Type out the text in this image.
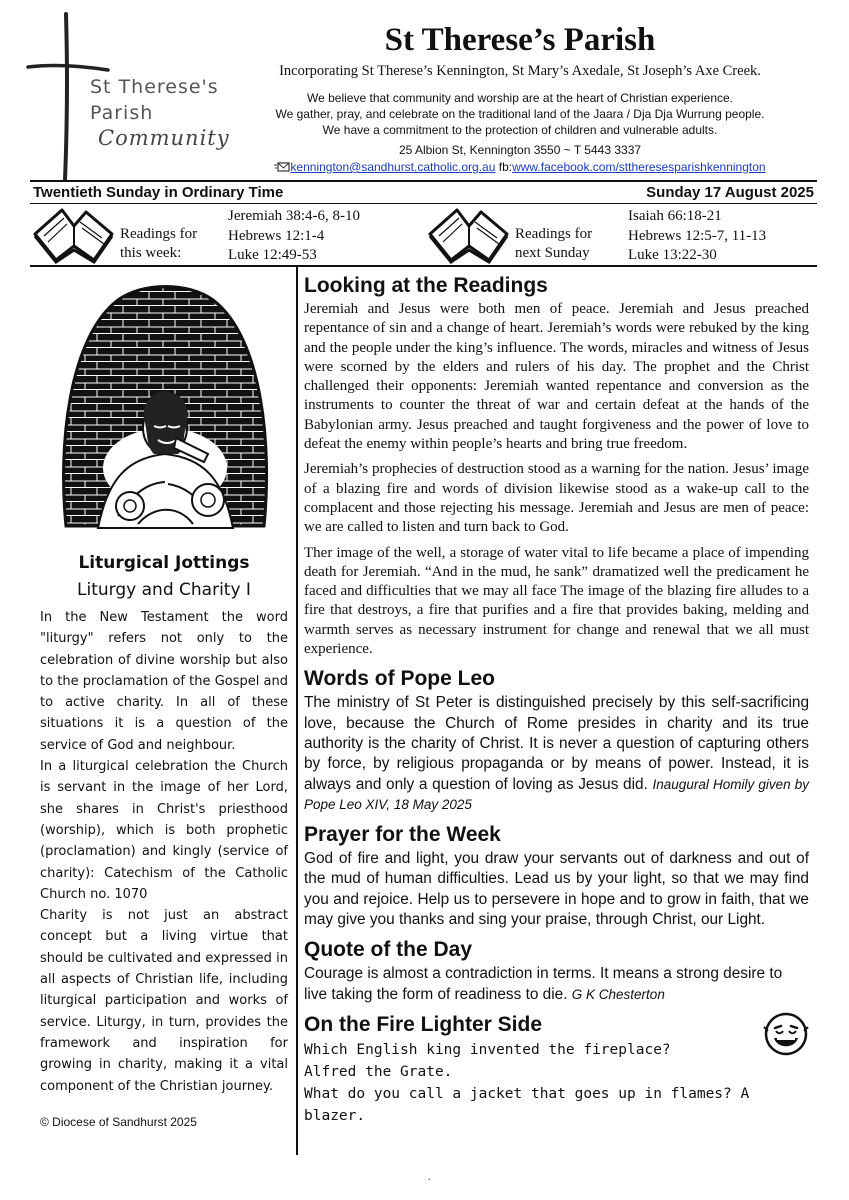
St Therese's
Parish
Community
St Therese’s Parish
Incorporating St Therese’s Kennington, St Mary’s Axedale, St Joseph’s Axe Creek.
We believe that community and worship are at the heart of Christian experience.
We gather, pray, and celebrate on the traditional land of the Jaara / Dja Dja Wurrung people.
We have a commitment to the protection of children and vulnerable adults.
25 Albion St, Kennington 3550 ~ T 5443 3337
kennington@sandhurst.catholic.org.au fb:www.facebook.com/sttheresesparishkennington
Twentieth Sunday in Ordinary Time	Sunday 17 August 2025
Readings for
this week:
Jeremiah 38:4-6, 8-10
Hebrews 12:1-4
Luke 12:49-53
Readings for
next Sunday
Isaiah 66:18-21
Hebrews 12:5-7, 11-13
Luke 13:22-30
Liturgical Jottings
Liturgy and Charity I

In the New Testament the word "liturgy" refers not only to the celebration of divine worship but also to the proclamation of the Gospel and to active charity. In all of these situations it is a question of the service of God and neighbour.

In a liturgical celebration the Church is servant in the image of her Lord, she shares in Christ's priesthood (worship), which is both prophetic (proclamation) and kingly (service of charity): Catechism of the Catholic Church no. 1070

Charity is not just an abstract concept but a living virtue that should be cultivated and expressed in all aspects of Christian life, including liturgical participation and works of service. Liturgy, in turn, provides the framework and inspiration for growing in charity, making it a vital component of the Christian journey.

© Diocese of Sandhurst 2025
Looking at the Readings

Jeremiah and Jesus were both men of peace. Jeremiah and Jesus preached repentance of sin and a change of heart. Jeremiah’s words were rebuked by the king and the people under the king’s influence. The words, miracles and witness of Jesus were scorned by the elders and rulers of his day. The prophet and the Christ challenged their opponents: Jeremiah wanted repentance and conversion as the instruments to counter the threat of war and certain defeat at the hands of the Babylonian army. Jesus preached and taught forgiveness and the power of love to defeat the enemy within people’s hearts and bring true freedom.

Jeremiah’s prophecies of destruction stood as a warning for the nation. Jesus’ image of a blazing fire and words of division likewise stood as a wake-up call to the complacent and those rejecting his message. Jeremiah and Jesus are men of peace: we are called to listen and turn back to God.

Ther image of the well, a storage of water vital to life became a place of impending death for Jeremiah. “And in the mud, he sank” dramatized well the predicament he faced and difficulties that we may all face The image of the blazing fire alludes to a fire that destroys, a fire that purifies and a fire that provides baking, melding and warmth serves as necessary instrument for change and renewal that we all must experience.

Words of Pope Leo

The ministry of St Peter is distinguished precisely by this self-sacrificing love, because the Church of Rome presides in charity and its true authority is the charity of Christ. It is never a question of capturing others by force, by religious propaganda or by means of power. Instead, it is always and only a question of loving as Jesus did. Inaugural Homily given by Pope Leo XIV, 18 May 2025

Prayer for the Week

God of fire and light, you draw your servants out of darkness and out of the mud of human difficulties. Lead us by your light, so that we may find you and rejoice. Help us to persevere in hope and to grow in faith, that we may give you thanks and sing your praise, through Christ, our Light.

Quote of the Day

Courage is almost a contradiction in terms. It means a strong desire to live taking the form of readiness to die. G K Chesterton

On the Fire Lighter Side
Which English king invented the fireplace?
Alfred the Grate.
What do you call a jacket that goes up in flames? A blazer.
.
